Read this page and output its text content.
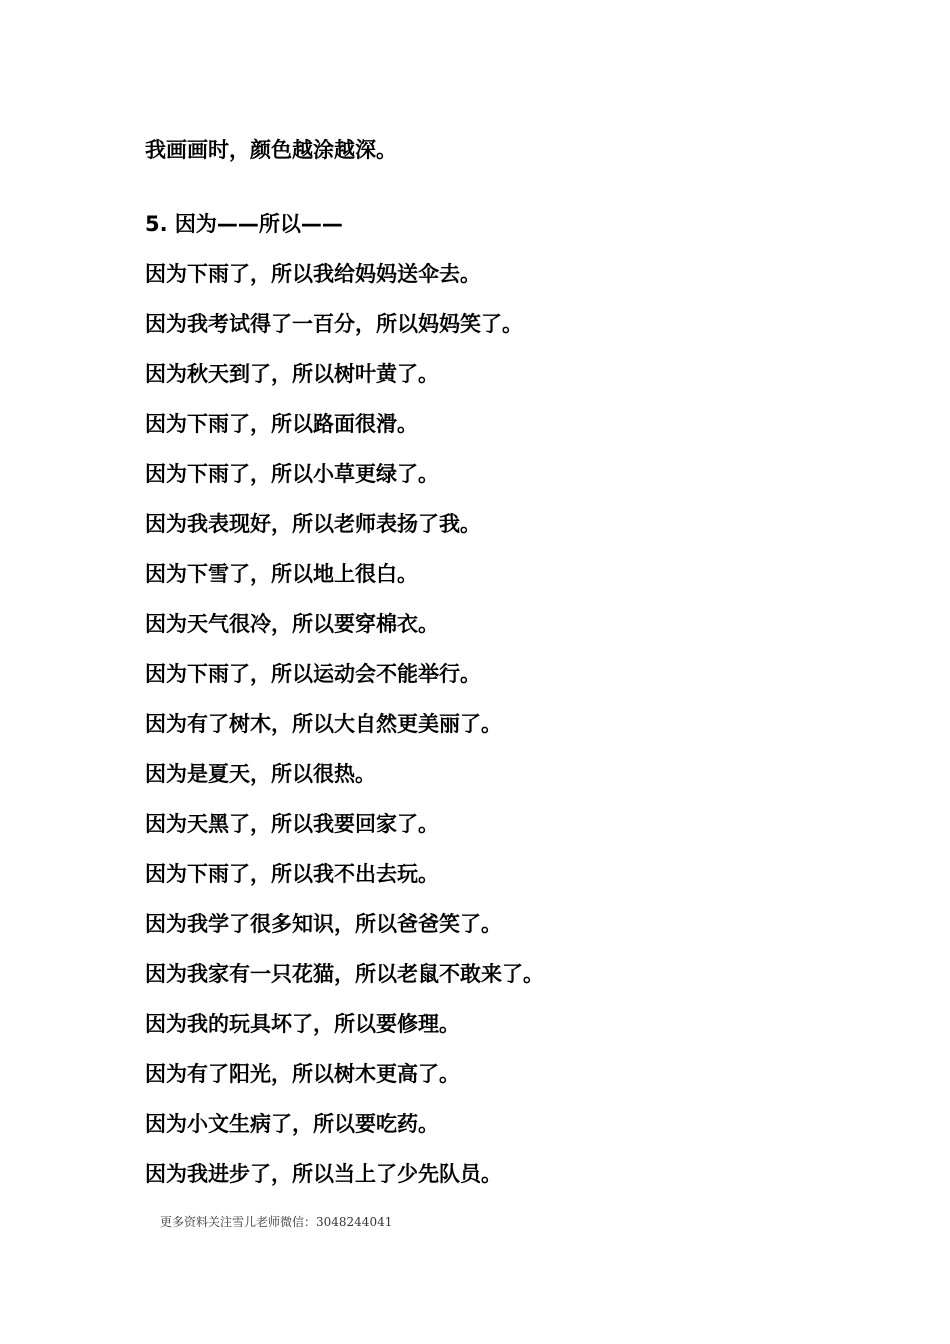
我画画时，颜色越涂越深。
5. 因为——所以——
因为下雨了，所以我给妈妈送伞去。
因为我考试得了一百分，所以妈妈笑了。
因为秋天到了，所以树叶黄了。
因为下雨了，所以路面很滑。
因为下雨了，所以小草更绿了。
因为我表现好，所以老师表扬了我。
因为下雪了，所以地上很白。
因为天气很冷，所以要穿棉衣。
因为下雨了，所以运动会不能举行。
因为有了树木，所以大自然更美丽了。
因为是夏天，所以很热。
因为天黑了，所以我要回家了。
因为下雨了，所以我不出去玩。
因为我学了很多知识，所以爸爸笑了。
因为我家有一只花猫，所以老鼠不敢来了。
因为我的玩具坏了，所以要修理。
因为有了阳光，所以树木更高了。
因为小文生病了，所以要吃药。
因为我进步了，所以当上了少先队员。
更多资料关注雪儿老师微信：3048244041
